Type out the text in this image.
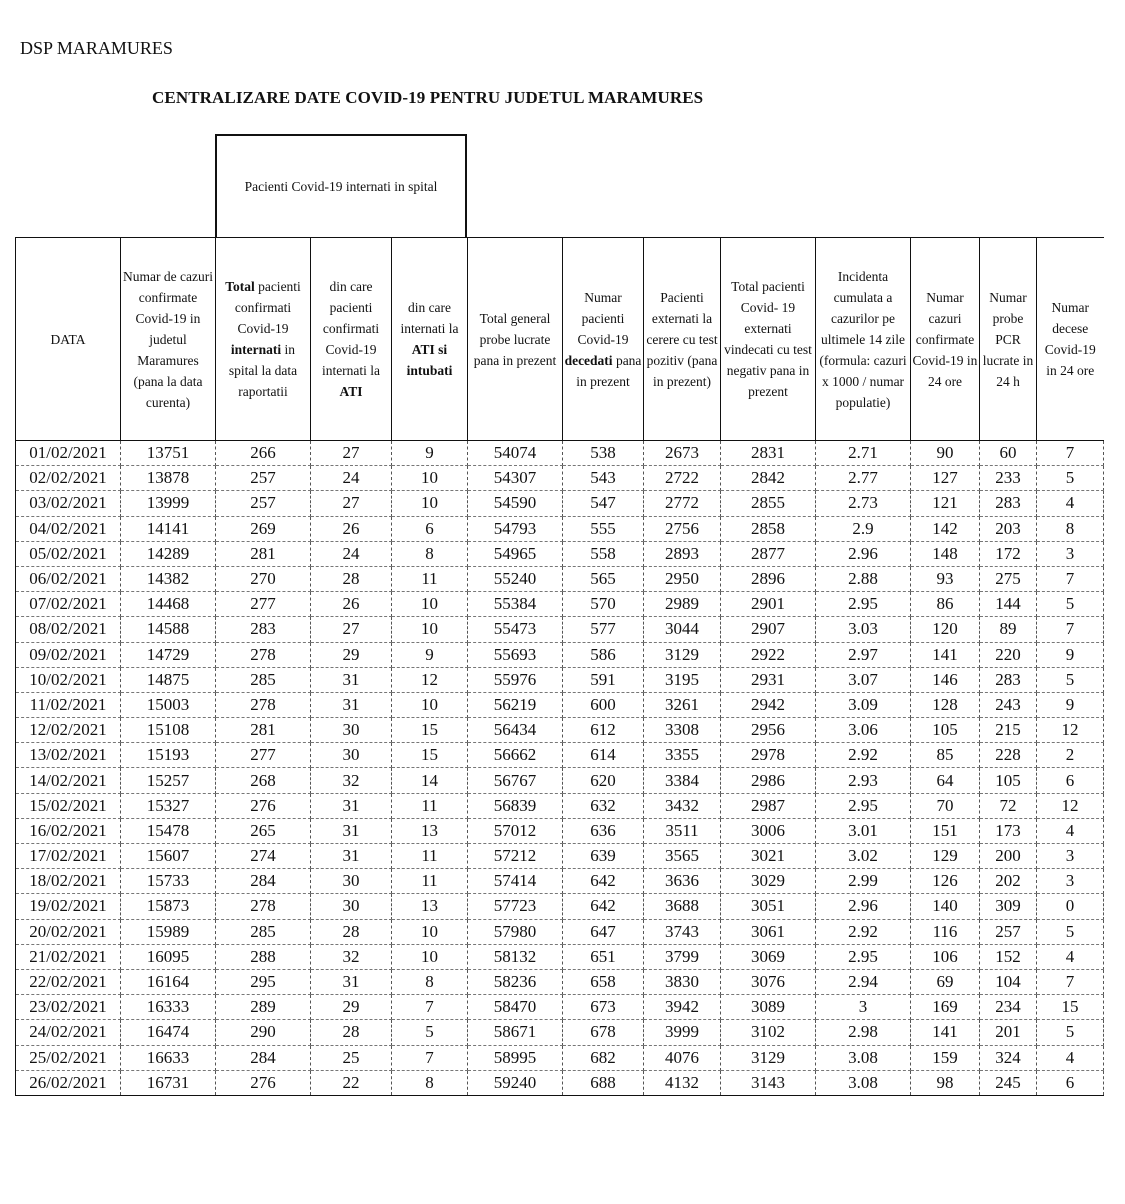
DSP MARAMURES
CENTRALIZARE DATE COVID-19 PENTRU JUDETUL MARAMURES
Pacienti Covid-19 internati in spital
DATA	Numar de cazuri confirmate Covid-19 in judetul Maramures (pana la data curenta)	Total pacienti confirmati Covid-19 internati in spital la data raportatii	din care pacienti confirmati Covid-19 internati la ATI	din care internati la ATI si intubati	Total general probe lucrate pana in prezent	Numar pacienti Covid-19 decedati pana in prezent	Pacienti externati la cerere cu test pozitiv (pana in prezent)	Total pacienti Covid- 19 externati vindecati cu test negativ pana in prezent	Incidenta cumulata a cazurilor pe ultimele 14 zile (formula: cazuri x 1000 / numar populatie)	Numar cazuri confirmate Covid-19 in 24 ore	Numar probe PCR lucrate in 24 h	Numar decese Covid-19 in 24 ore
01/02/2021	13751	266	27	9	54074	538	2673	2831	2.71	90	60	7
02/02/2021	13878	257	24	10	54307	543	2722	2842	2.77	127	233	5
03/02/2021	13999	257	27	10	54590	547	2772	2855	2.73	121	283	4
04/02/2021	14141	269	26	6	54793	555	2756	2858	2.9	142	203	8
05/02/2021	14289	281	24	8	54965	558	2893	2877	2.96	148	172	3
06/02/2021	14382	270	28	11	55240	565	2950	2896	2.88	93	275	7
07/02/2021	14468	277	26	10	55384	570	2989	2901	2.95	86	144	5
08/02/2021	14588	283	27	10	55473	577	3044	2907	3.03	120	89	7
09/02/2021	14729	278	29	9	55693	586	3129	2922	2.97	141	220	9
10/02/2021	14875	285	31	12	55976	591	3195	2931	3.07	146	283	5
11/02/2021	15003	278	31	10	56219	600	3261	2942	3.09	128	243	9
12/02/2021	15108	281	30	15	56434	612	3308	2956	3.06	105	215	12
13/02/2021	15193	277	30	15	56662	614	3355	2978	2.92	85	228	2
14/02/2021	15257	268	32	14	56767	620	3384	2986	2.93	64	105	6
15/02/2021	15327	276	31	11	56839	632	3432	2987	2.95	70	72	12
16/02/2021	15478	265	31	13	57012	636	3511	3006	3.01	151	173	4
17/02/2021	15607	274	31	11	57212	639	3565	3021	3.02	129	200	3
18/02/2021	15733	284	30	11	57414	642	3636	3029	2.99	126	202	3
19/02/2021	15873	278	30	13	57723	642	3688	3051	2.96	140	309	0
20/02/2021	15989	285	28	10	57980	647	3743	3061	2.92	116	257	5
21/02/2021	16095	288	32	10	58132	651	3799	3069	2.95	106	152	4
22/02/2021	16164	295	31	8	58236	658	3830	3076	2.94	69	104	7
23/02/2021	16333	289	29	7	58470	673	3942	3089	3	169	234	15
24/02/2021	16474	290	28	5	58671	678	3999	3102	2.98	141	201	5
25/02/2021	16633	284	25	7	58995	682	4076	3129	3.08	159	324	4
26/02/2021	16731	276	22	8	59240	688	4132	3143	3.08	98	245	6
